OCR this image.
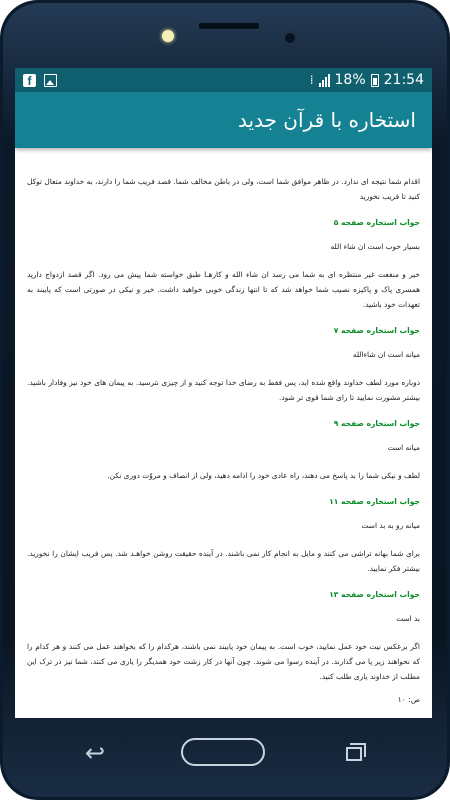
f	⁞ 18% 21:54
استخاره با قرآن جدید

اقدام شما نتیجه ای ندارد. در ظاهر موافق شما است، ولی در باطن مخالف شما. قصد فریب شما را دارند، به خداوند متعال توکل کنید تا فریب نخورید

جواب استخاره صفحه ۵
بسیار خوب است ان شاء الله

خیر و منفعت غیر منتظره ای به شما می رسد ان شاء الله و کارهـا طبق خواسته شما پیش می رود. اگر قصد ازدواج دارید همسری پاک و پاکیزه نصیب شما خواهد شد که تا انتها زندگی خوبی خواهید داشت. خیر و نیکی در صورتی است که پایبند به تعهدات خود باشید.

جواب استخاره صفحه ۷
میانه است ان شاءالله

دوباره مورد لطف خداوند واقع شده اید، پس فقط به رضای خدا توجه کنید و از چیزی نترسید. به پیمان های خود نیز وفادار باشید. بیشتر مشورت نمایید تا رای شما قوی تر شود.

جواب استخاره صفحه ۹
میانه است

لطف و نیکی شما را بد پاسخ می دهند، راه عادی خود را ادامه دهید، ولی از انصاف و مروّت دوری نکن.

جواب استخاره صفحه ۱۱
میانه رو به بد است

برای شما بهانه تراشی می کنند و مایل به انجام کار نمی باشند. در آینده حقیقت روشن خواهـد شد. پس فریب ایشان را نخورید. بیشتر فکر نمایید.

جواب استخاره صفحه ۱۳
بد است

اگر برعکس نیت خود عمل نمایید، خوب است. به پیمان خود پایبند نمی باشند، هرکدام را که بخواهند عمل می کنند و هر کدام را که نخواهند زیر پا می گذارند. در آینده رسوا می شوند. چون آنها در کار زشت خود همدیگر را یاری می کنند، شما نیز در ترک این مطلب از خداوند یاری طلب کنید.

ص: ۱۰
↩
